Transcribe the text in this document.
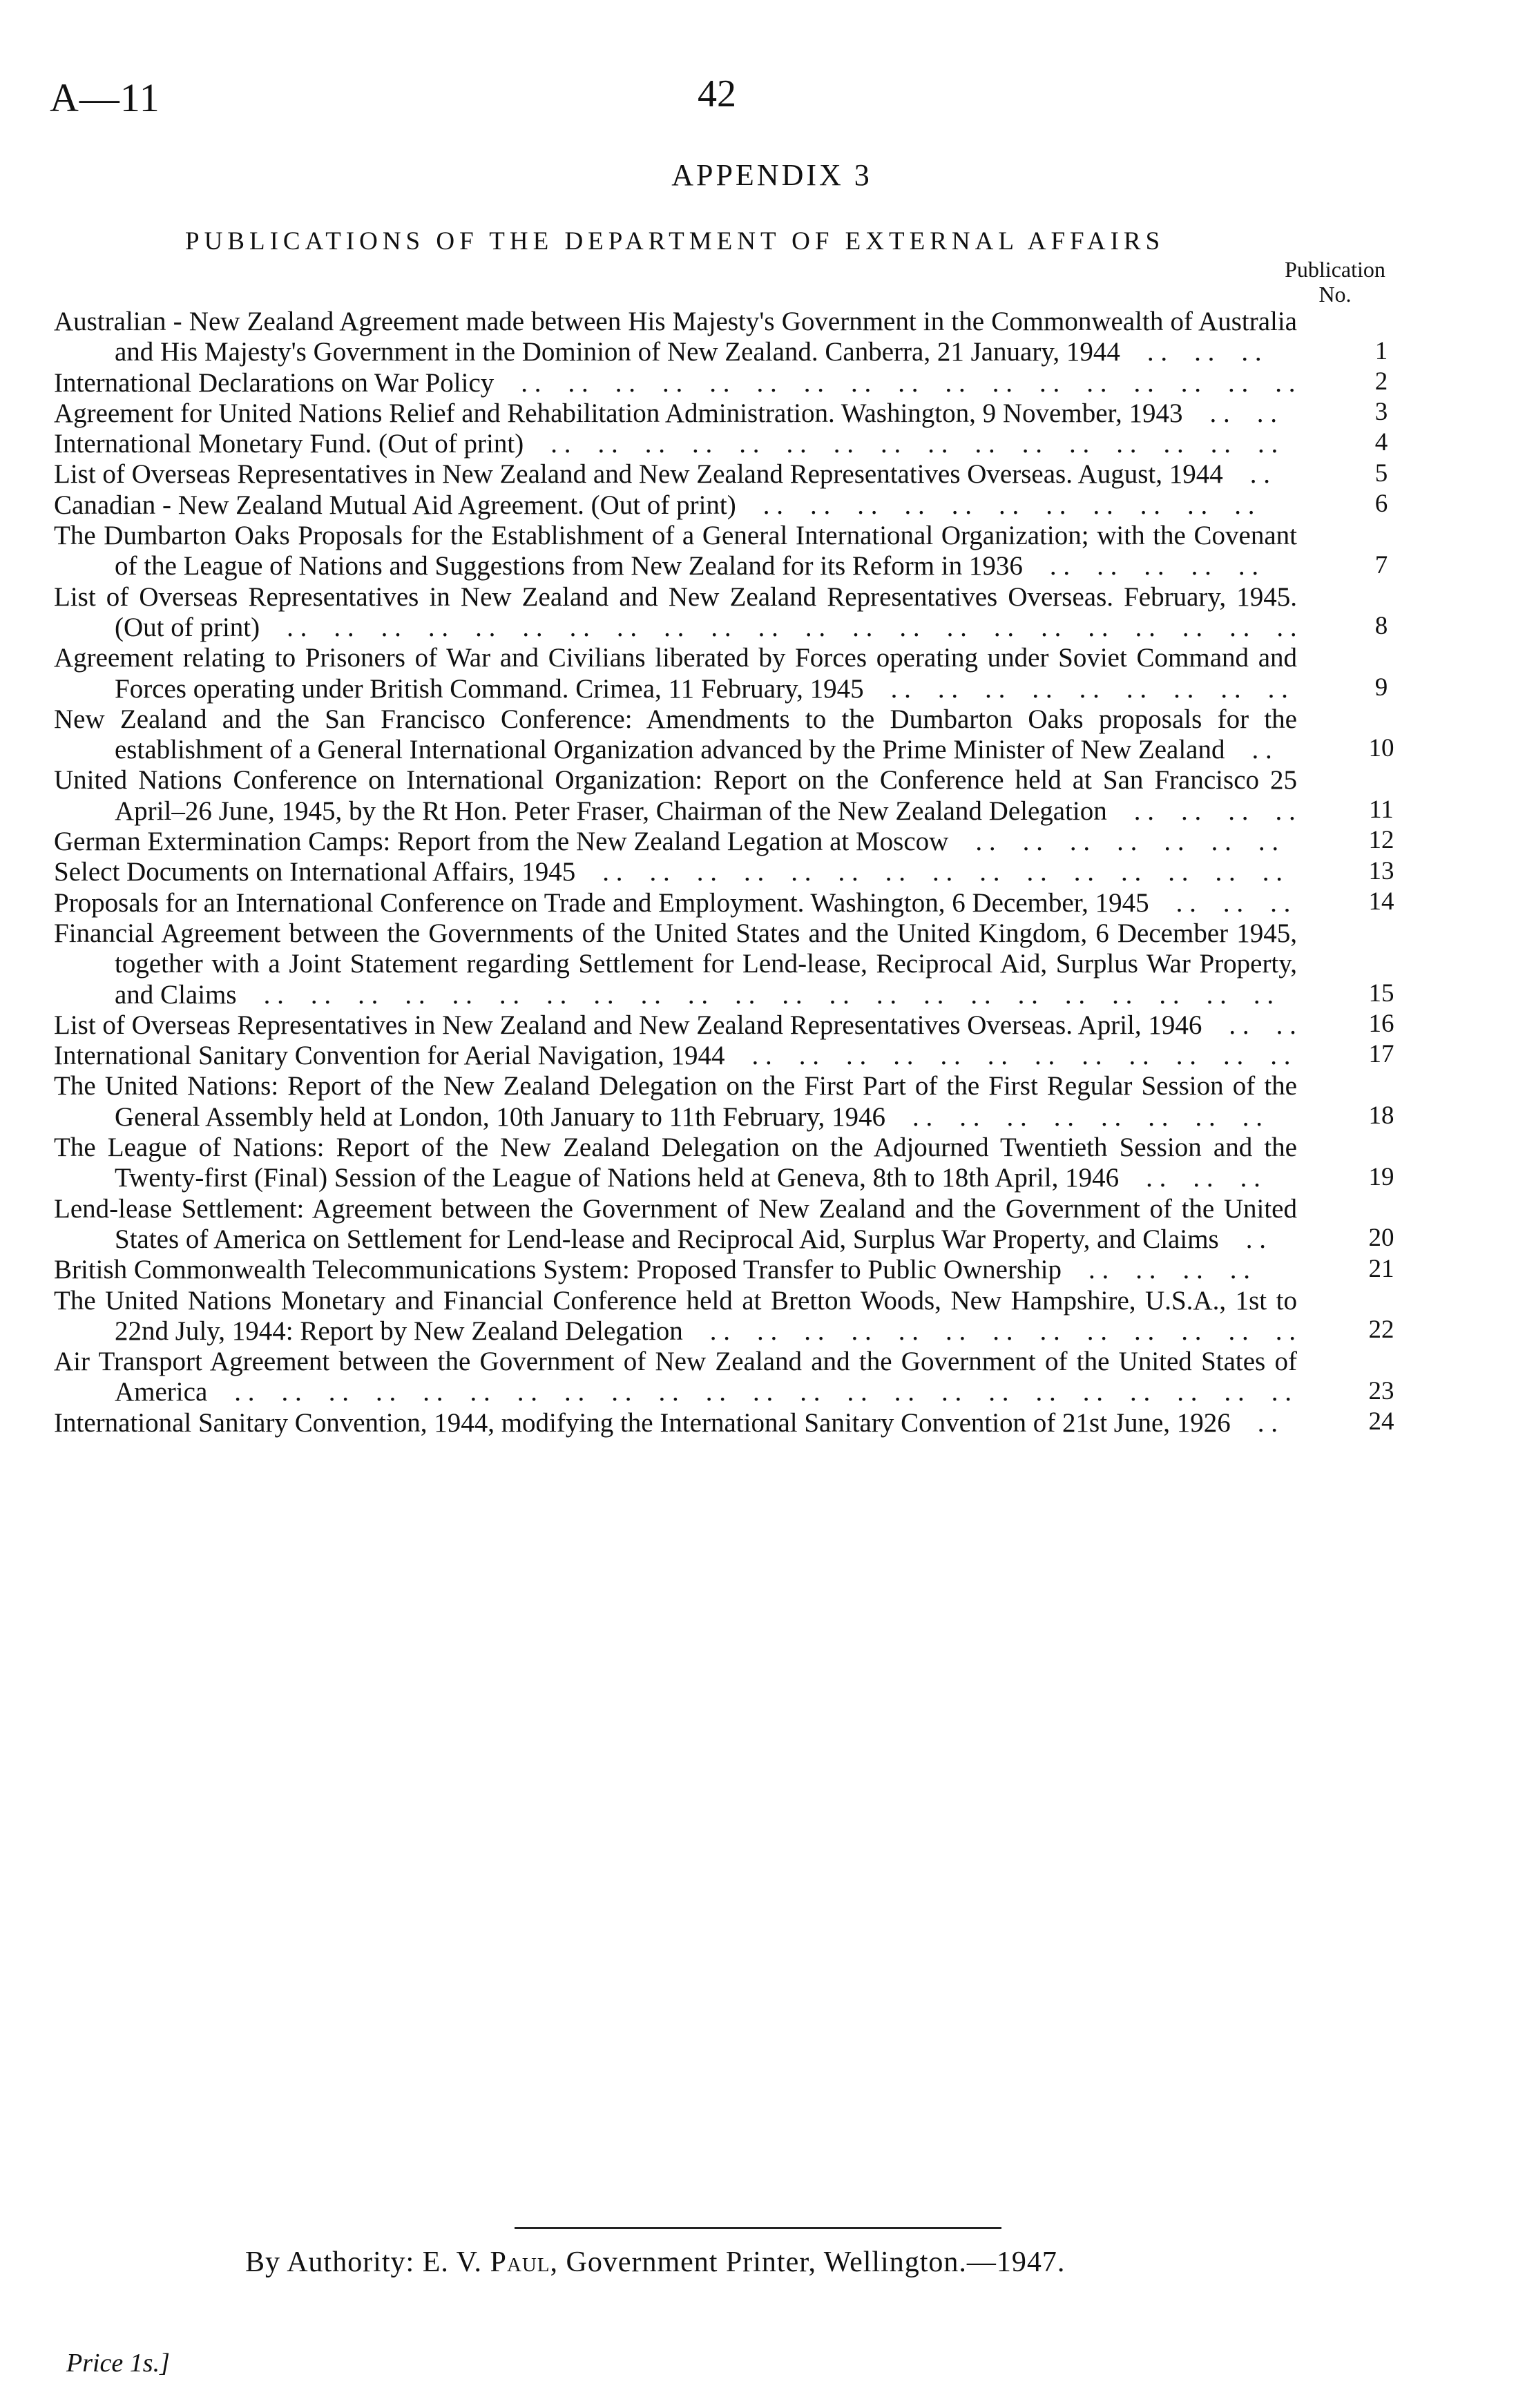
A—11	42
APPENDIX 3
PUBLICATIONS OF THE DEPARTMENT OF EXTERNAL AFFAIRS
Publication
No.
Australian - New Zealand Agreement made between His Majesty's Government in the Commonwealth of Australia and His Majesty's Government in the Dominion of New Zealand. Canberra, 21 January, 1944    . .    . .    . .	1
International Declarations on War Policy    . .    . .    . .    . .    . .    . .    . .    . .    . .    . .    . .    . .    . .    . .    . .    . .    . .	2
Agreement for United Nations Relief and Rehabilitation Administration. Washington, 9 November, 1943    . .    . .	3
International Monetary Fund. (Out of print)    . .    . .    . .    . .    . .    . .    . .    . .    . .    . .    . .    . .    . .    . .    . .    . .	4
List of Overseas Representatives in New Zealand and New Zealand Representatives Overseas. August, 1944    . .	5
Canadian - New Zealand Mutual Aid Agreement. (Out of print)    . .    . .    . .    . .    . .    . .    . .    . .    . .    . .    . .	6
The Dumbarton Oaks Proposals for the Establishment of a General International Organization; with the Covenant of the League of Nations and Suggestions from New Zealand for its Reform in 1936    . .    . .    . .    . .    . .	7
List of Overseas Representatives in New Zealand and New Zealand Representatives Overseas. February, 1945. (Out of print)    . .    . .    . .    . .    . .    . .    . .    . .    . .    . .    . .    . .    . .    . .    . .    . .    . .    . .    . .    . .    . .    . .	8
Agreement relating to Prisoners of War and Civilians liberated by Forces operating under Soviet Command and Forces operating under British Command. Crimea, 11 February, 1945    . .    . .    . .    . .    . .    . .    . .    . .    . .	9
New Zealand and the San Francisco Conference: Amendments to the Dumbarton Oaks proposals for the establishment of a General International Organization advanced by the Prime Minister of New Zealand    . .	10
United Nations Conference on International Organization: Report on the Conference held at San Francisco 25 April–26 June, 1945, by the Rt Hon. Peter Fraser, Chairman of the New Zealand Delegation    . .    . .    . .    . .	11
German Extermination Camps: Report from the New Zealand Legation at Moscow    . .    . .    . .    . .    . .    . .    . .	12
Select Documents on International Affairs, 1945    . .    . .    . .    . .    . .    . .    . .    . .    . .    . .    . .    . .    . .    . .    . .	13
Proposals for an International Conference on Trade and Employment. Washington, 6 December, 1945    . .    . .    . .	14
Financial Agreement between the Governments of the United States and the United Kingdom, 6 December 1945, together with a Joint Statement regarding Settlement for Lend-lease, Reciprocal Aid, Surplus War Property, and Claims    . .    . .    . .    . .    . .    . .    . .    . .    . .    . .    . .    . .    . .    . .    . .    . .    . .    . .    . .    . .    . .    . .	15
List of Overseas Representatives in New Zealand and New Zealand Representatives Overseas. April, 1946    . .    . .	16
International Sanitary Convention for Aerial Navigation, 1944    . .    . .    . .    . .    . .    . .    . .    . .    . .    . .    . .    . .	17
The United Nations: Report of the New Zealand Delegation on the First Part of the First Regular Session of the General Assembly held at London, 10th January to 11th February, 1946    . .    . .    . .    . .    . .    . .    . .    . .	18
The League of Nations: Report of the New Zealand Delegation on the Adjourned Twentieth Session and the Twenty-first (Final) Session of the League of Nations held at Geneva, 8th to 18th April, 1946    . .    . .    . .	19
Lend-lease Settlement: Agreement between the Government of New Zealand and the Government of the United States of America on Settlement for Lend-lease and Reciprocal Aid, Surplus War Property, and Claims    . .	20
British Commonwealth Telecommunications System: Proposed Transfer to Public Ownership    . .    . .    . .    . .	21
The United Nations Monetary and Financial Conference held at Bretton Woods, New Hampshire, U.S.A., 1st to 22nd July, 1944: Report by New Zealand Delegation    . .    . .    . .    . .    . .    . .    . .    . .    . .    . .    . .    . .    . .	22
Air Transport Agreement between the Government of New Zealand and the Government of the United States of America    . .    . .    . .    . .    . .    . .    . .    . .    . .    . .    . .    . .    . .    . .    . .    . .    . .    . .    . .    . .    . .    . .    . .	23
International Sanitary Convention, 1944, modifying the International Sanitary Convention of 21st June, 1926    . .	24
By Authority: E. V. Paul, Government Printer, Wellington.—1947.
Price 1s.]
